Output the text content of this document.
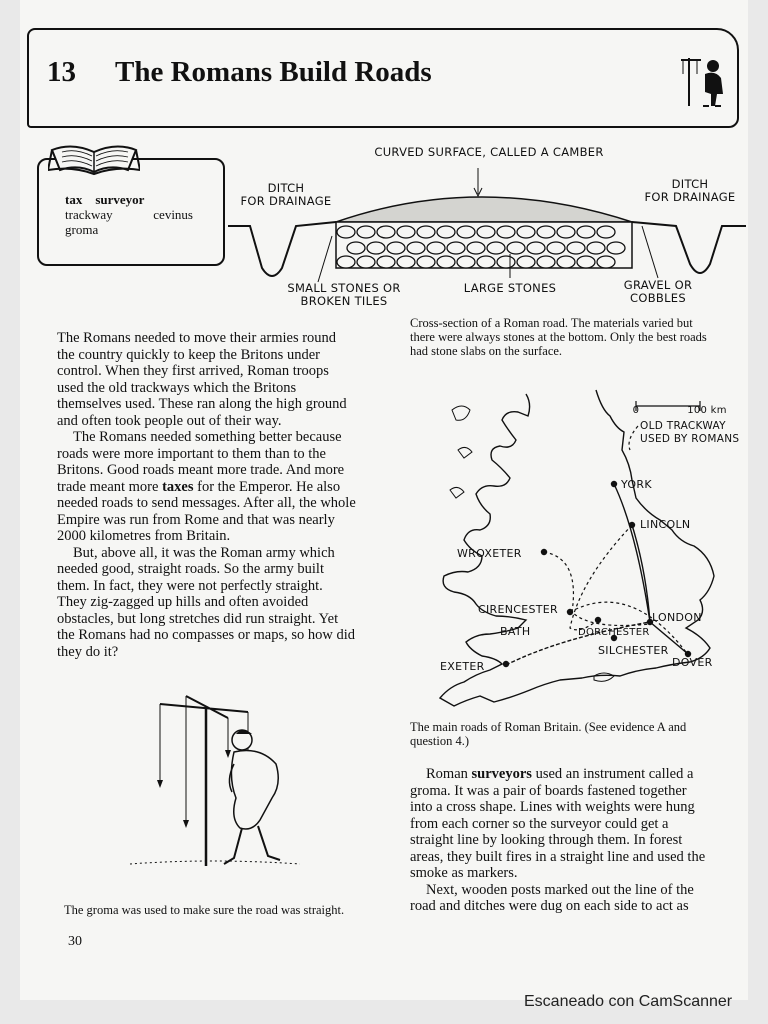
13 The Romans Build Roads
tax surveyor
trackway	cevinus
groma
CURVED SURFACE, CALLED A CAMBER
DITCH
FOR DRAINAGE
DITCH
FOR DRAINAGE
SMALL STONES OR
BROKEN TILES
LARGE STONES	GRAVEL OR
COBBLES
Cross-section of a Roman road. The materials varied but
there were always stones at the bottom. Only the best roads
had stone slabs on the surface.

The Romans needed to move their armies round
the country quickly to keep the Britons under
control. When they first arrived, Roman troops
used the old trackways which the Britons
themselves used. These ran along the high ground
and often took people out of their way.

The Romans needed something better because
roads were more important to them than to the
Britons. Good roads meant more trade. And more
trade meant more taxes for the Emperor. He also
needed roads to send messages. After all, the whole
Empire was run from Rome and that was nearly
2000 kilometres from Britain.

But, above all, it was the Roman army which
needed good, straight roads. So the army built
them. In fact, they were not perfectly straight.
They zig-zagged up hills and often avoided
obstacles, but long stretches did run straight. Yet
the Romans had no compasses or maps, so how did
they do it?

0	100 km
OLD TRACKWAY
USED BY ROMANS
YORK
LINCOLN
WROXETER
CIRENCESTER
BATH
LONDON
DORCHESTER
SILCHESTER
EXETER	DOVER
The main roads of Roman Britain. (See evidence A and
question 4.)

Roman surveyors used an instrument called a
groma. It was a pair of boards fastened together
into a cross shape. Lines with weights were hung
from each corner so the surveyor could get a
straight line by looking through them. In forest
areas, they built fires in a straight line and used the
smoke as markers.

Next, wooden posts marked out the line of the
road and ditches were dug on each side to act as

The groma was used to make sure the road was straight.
30
Escaneado con CamScanner
